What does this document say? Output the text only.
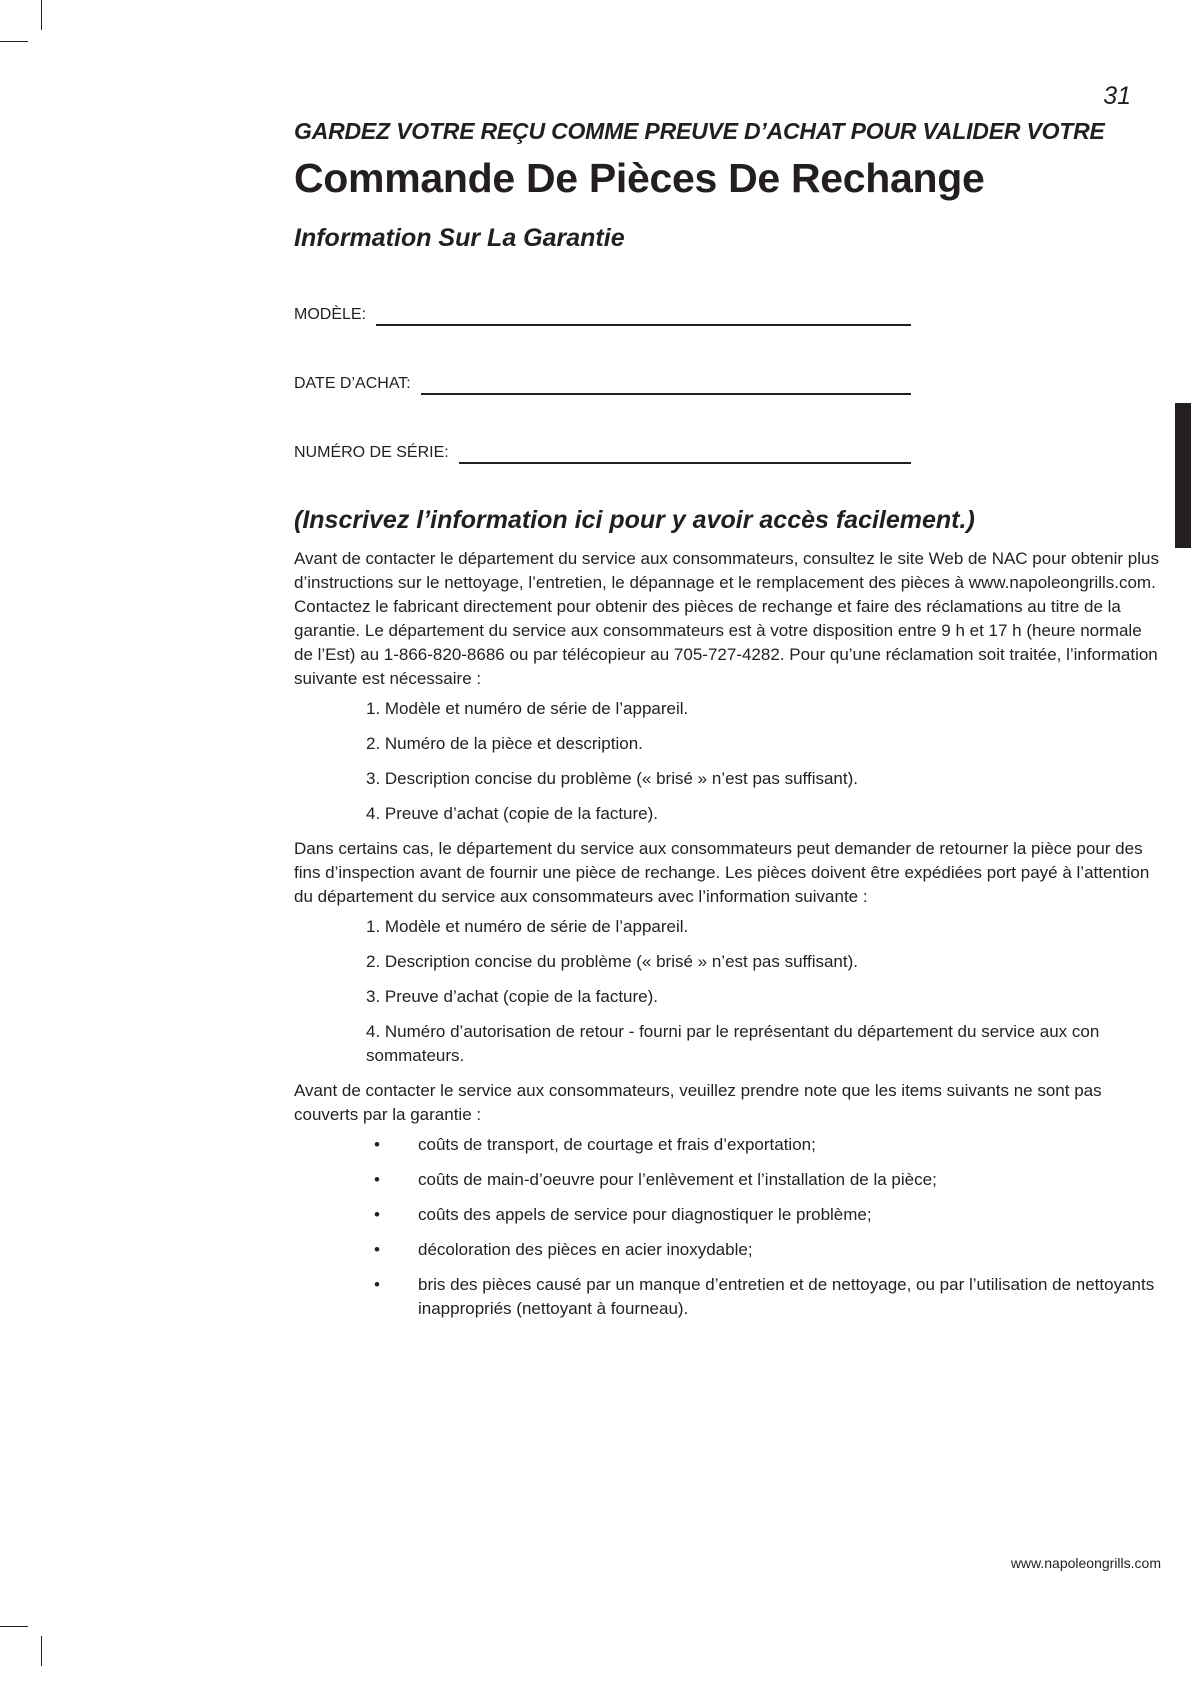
31
GARDEZ VOTRE REÇU COMME PREUVE D’ACHAT POUR VALIDER VOTRE
Commande De Pièces De Rechange
Information Sur La Garantie
MODÈLE:
DATE D’ACHAT:
NUMÉRO DE SÉRIE:
(Inscrivez l’information ici pour y avoir accès facilement.)

Avant de contacter le département du service aux consommateurs, consultez le site Web de NAC pour obtenir plus d’instructions sur le nettoyage, l’entretien, le dépannage et le remplacement des pièces à www.napoleongrills.com. Contactez le fabricant directement pour obtenir des pièces de rechange et faire des réclamations au titre de la garantie. Le département du service aux consommateurs est à votre disposition entre 9 h et 17 h (heure normale de l’Est) au 1-866-820-8686 ou par télécopieur au 705-727-4282. Pour qu’une réclamation soit traitée, l’information suivante est nécessaire :

1. Modèle et numéro de série de l’appareil.
2. Numéro de la pièce et description.
3. Description concise du problème (« brisé » n’est pas suffisant).
4. Preuve d’achat (copie de la facture).

Dans certains cas, le département du service aux consommateurs peut demander de retourner la pièce pour des fins d’inspection avant de fournir une pièce de rechange. Les pièces doivent être expédiées port payé à l’attention du département du service aux consommateurs avec l’information suivante :

1. Modèle et numéro de série de l’appareil.
2. Description concise du problème (« brisé » n’est pas suffisant).
3. Preuve d’achat (copie de la facture).
4. Numéro d’autorisation de retour - fourni par le représentant du département du service aux con sommateurs.

Avant de contacter le service aux consommateurs, veuillez prendre note que les items suivants ne sont pas couverts par la garantie :

•	coûts de transport, de courtage et frais d’exportation;
•	coûts de main-d’oeuvre pour l’enlèvement et l’installation de la pièce;
•	coûts des appels de service pour diagnostiquer le problème;
•	décoloration des pièces en acier inoxydable;
•	bris des pièces causé par un manque d’entretien et de nettoyage, ou par l’utilisation de nettoyants inappropriés (nettoyant à fourneau).
www.napoleongrills.com
